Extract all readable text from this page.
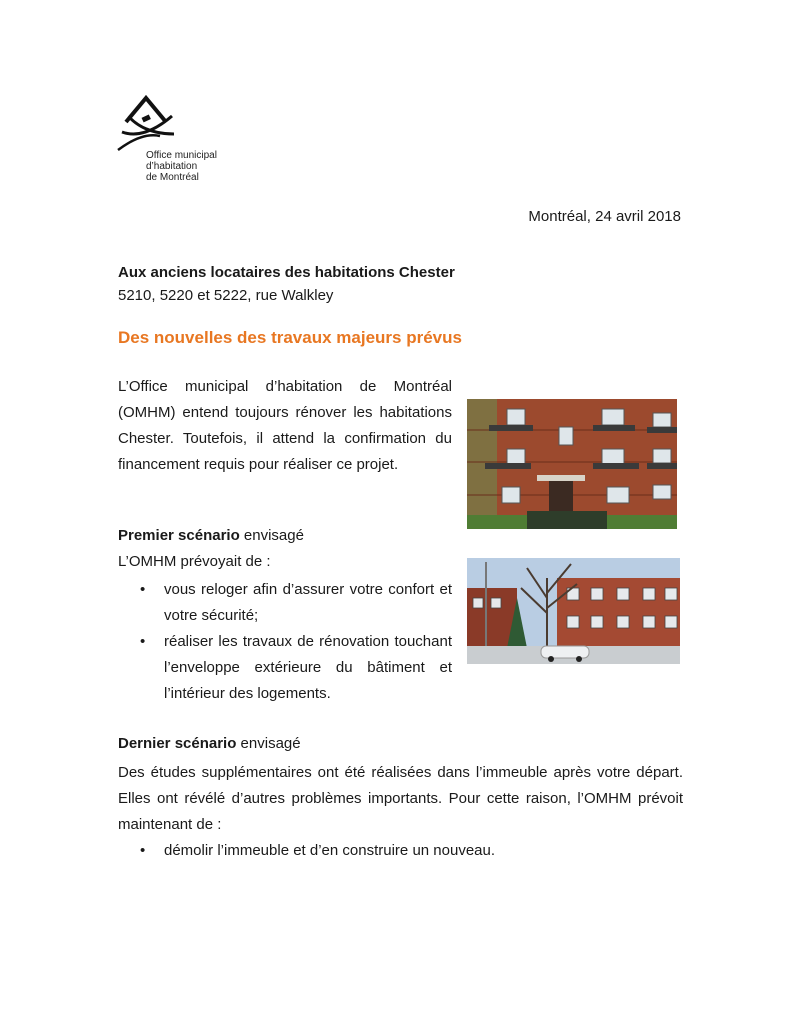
Office municipal
d’habitation
de Montréal
Montréal, 24 avril 2018
Aux anciens locataires des habitations Chester
5210, 5220 et 5222, rue Walkley
Des nouvelles des travaux majeurs prévus
L’Office municipal d’habitation de Montréal (OMHM) entend toujours rénover les habitations Chester. Toutefois, il attend la confirmation du financement requis pour réaliser ce projet.
Premier scénario envisagé
L’OMHM prévoyait de :
• vous reloger afin d’assurer votre confort et votre sécurité;
• réaliser les travaux de rénovation touchant l’enveloppe extérieure du bâtiment et l’intérieur des logements.
Dernier scénario envisagé
Des études supplémentaires ont été réalisées dans l’immeuble après votre départ. Elles ont révélé d’autres problèmes importants. Pour cette raison, l’OMHM prévoit maintenant de :
• démolir l’immeuble et d’en construire un nouveau.
